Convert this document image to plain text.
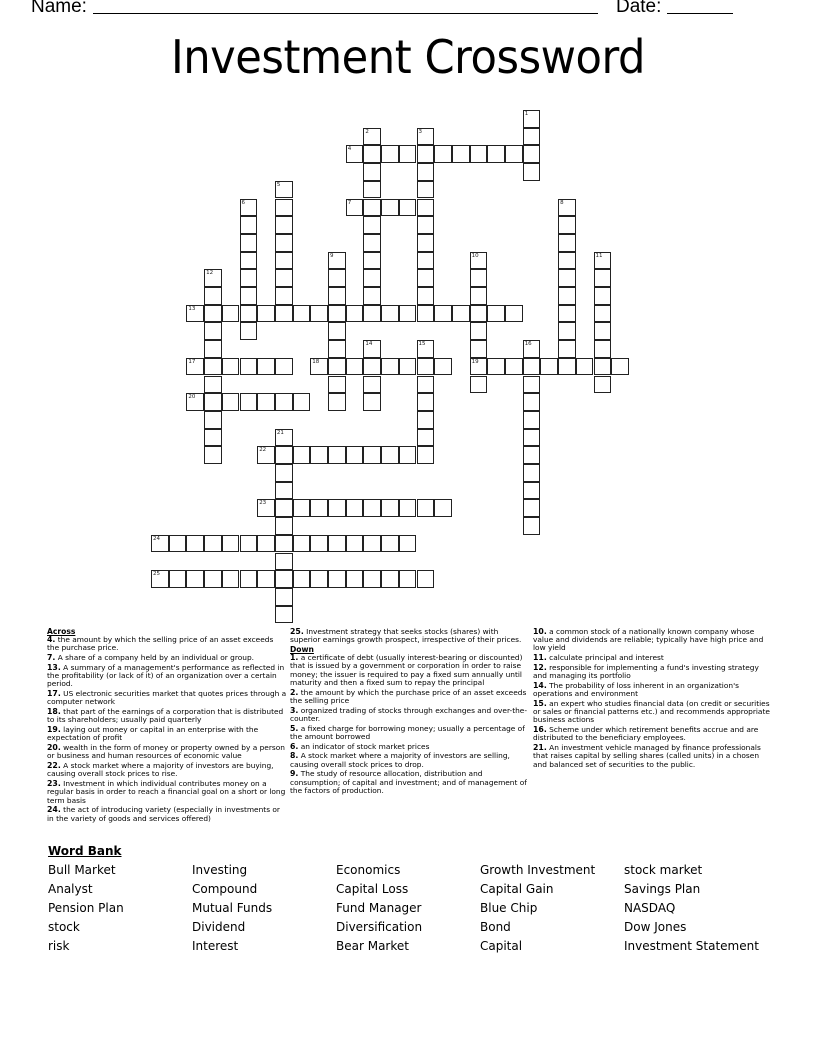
Name:	Date:
Investment Crossword
1
2	3
4
5
6	7	8
9	10
19
11
12
13
14	15	16
17	18
20
21
22
23
24
25
Across
4. the amount by which the selling price of an asset exceeds the purchase price.
7. A share of a company held by an individual or group.
13. A summary of a management's performance as reflected in the profitability (or lack of it) of an organization over a certain period.
17. US electronic securities market that quotes prices through a computer network
18. that part of the earnings of a corporation that is distributed to its shareholders; usually paid quarterly
19. laying out money or capital in an enterprise with the expectation of profit
20. wealth in the form of money or property owned by a person or business and human resources of economic value
22. A stock market where a majority of investors are buying, causing overall stock prices to rise.
23. Investment in which individual contributes money on a regular basis in order to reach a financial goal on a short or long term basis
24. the act of introducing variety (especially in investments or in the variety of goods and services offered)
25. Investment strategy that seeks stocks (shares) with superior earnings growth prospect, irrespective of their prices.
Down
1. a certificate of debt (usually interest-bearing or discounted) that is issued by a government or corporation in order to raise money; the issuer is required to pay a fixed sum annually until maturity and then a fixed sum to repay the principal
2. the amount by which the purchase price of an asset exceeds the selling price
3. organized trading of stocks through exchanges and over-the-counter.
5. a fixed charge for borrowing money; usually a percentage of the amount borrowed
6. an indicator of stock market prices
8. A stock market where a majority of investors are selling, causing overall stock prices to drop.
9. The study of resource allocation, distribution and consumption; of capital and investment; and of management of the factors of production.
10. a common stock of a nationally known company whose value and dividends are reliable; typically have high price and low yield
11. calculate principal and interest
12. responsible for implementing a fund's investing strategy and managing its portfolio
14. The probability of loss inherent in an organization's operations and environment
15. an expert who studies financial data (on credit or securities or sales or financial patterns etc.) and recommends appropriate business actions
16. Scheme under which retirement benefits accrue and are distributed to the beneficiary employees.
21. An investment vehicle managed by finance professionals that raises capital by selling shares (called units) in a chosen and balanced set of securities to the public.
Word Bank
Bull Market	Investing	Economics	Growth Investment	stock market
Analyst	Compound	Capital Loss	Capital Gain	Savings Plan
Pension Plan	Mutual Funds	Fund Manager	Blue Chip	NASDAQ
stock	Dividend	Diversification	Bond	Dow Jones
risk	Interest	Bear Market	Capital	Investment Statement
